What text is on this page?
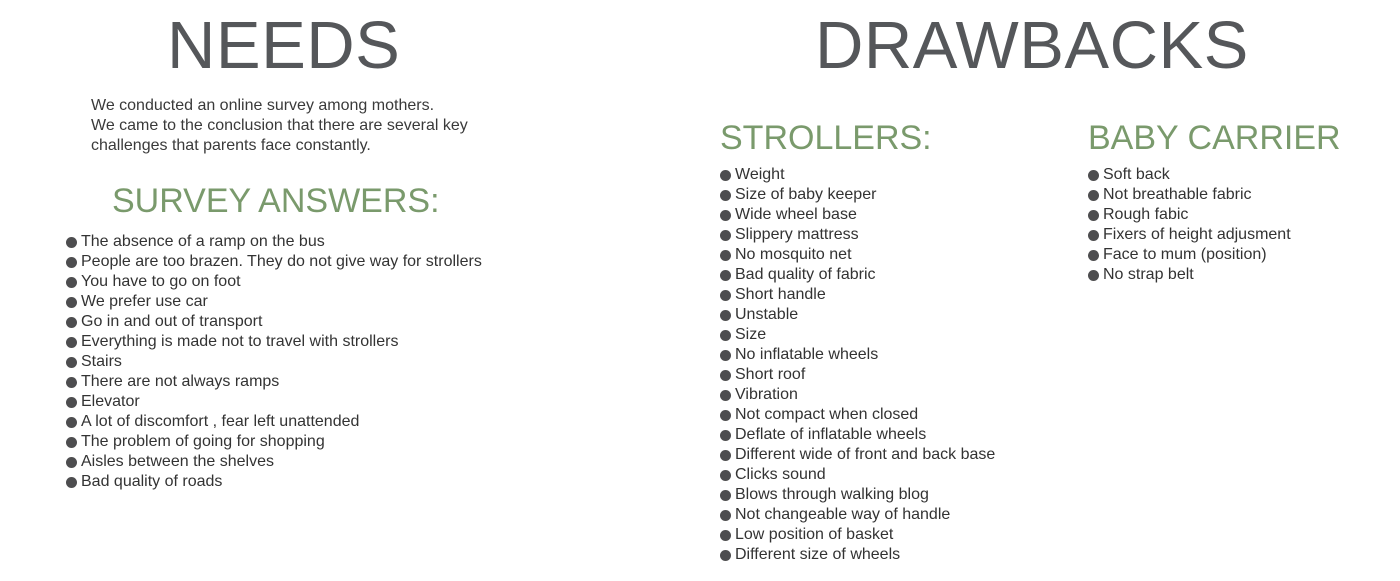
NEEDS
We conducted an online survey among mothers.
We came to the conclusion that there are several key
challenges that parents face constantly.
SURVEY ANSWERS:
The absence of a ramp on the bus
People are too brazen. They do not give way for strollers
You have to go on foot
We prefer use car
Go in and out of transport
Everything is made not to travel with strollers
Stairs
There are not always ramps
Elevator
A lot of discomfort , fear left unattended
The problem of going for shopping
Aisles between the shelves
Bad quality of roads
DRAWBACKS
STROLLERS:
Weight
Size of baby keeper
Wide wheel base
Slippery mattress
No mosquito net
Bad quality of fabric
Short handle
Unstable
Size
No inflatable wheels
Short roof
Vibration
Not compact when closed
Deflate of inflatable wheels
Different wide of front and back base
Clicks sound
Blows through walking blog
Not changeable way of handle
Low position of basket
Different size of wheels
BABY CARRIER
Soft back
Not breathable fabric
Rough fabic
Fixers of height adjusment
Face to mum (position)
No strap belt
